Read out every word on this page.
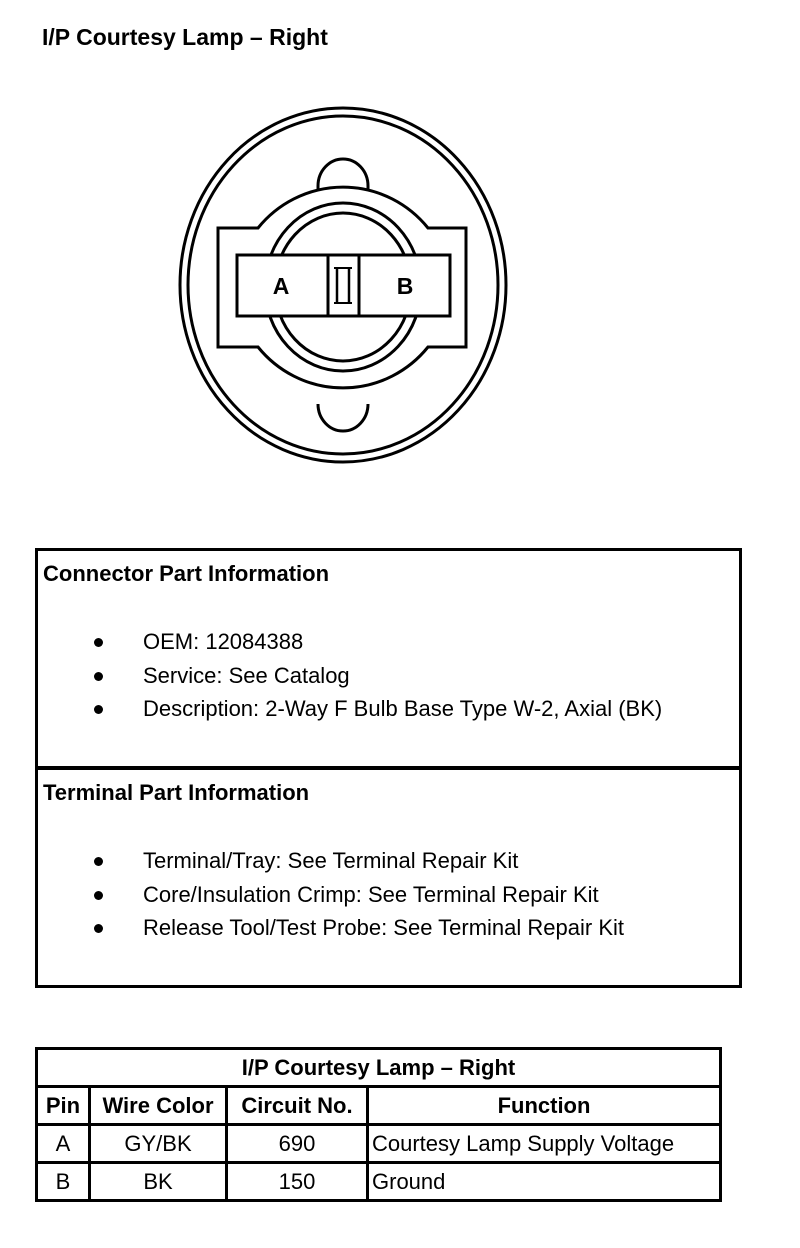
I/P Courtesy Lamp – Right
A	B
Connector Part Information
OEM: 12084388
Service: See Catalog
Description: 2-Way F Bulb Base Type W-2, Axial (BK)
Terminal Part Information
Terminal/Tray: See Terminal Repair Kit
Core/Insulation Crimp: See Terminal Repair Kit
Release Tool/Test Probe: See Terminal Repair Kit
I/P Courtesy Lamp – Right			
Pin	Wire Color	Circuit No.	Function
A	GY/BK	690	Courtesy Lamp Supply Voltage
B	BK	150	Ground
